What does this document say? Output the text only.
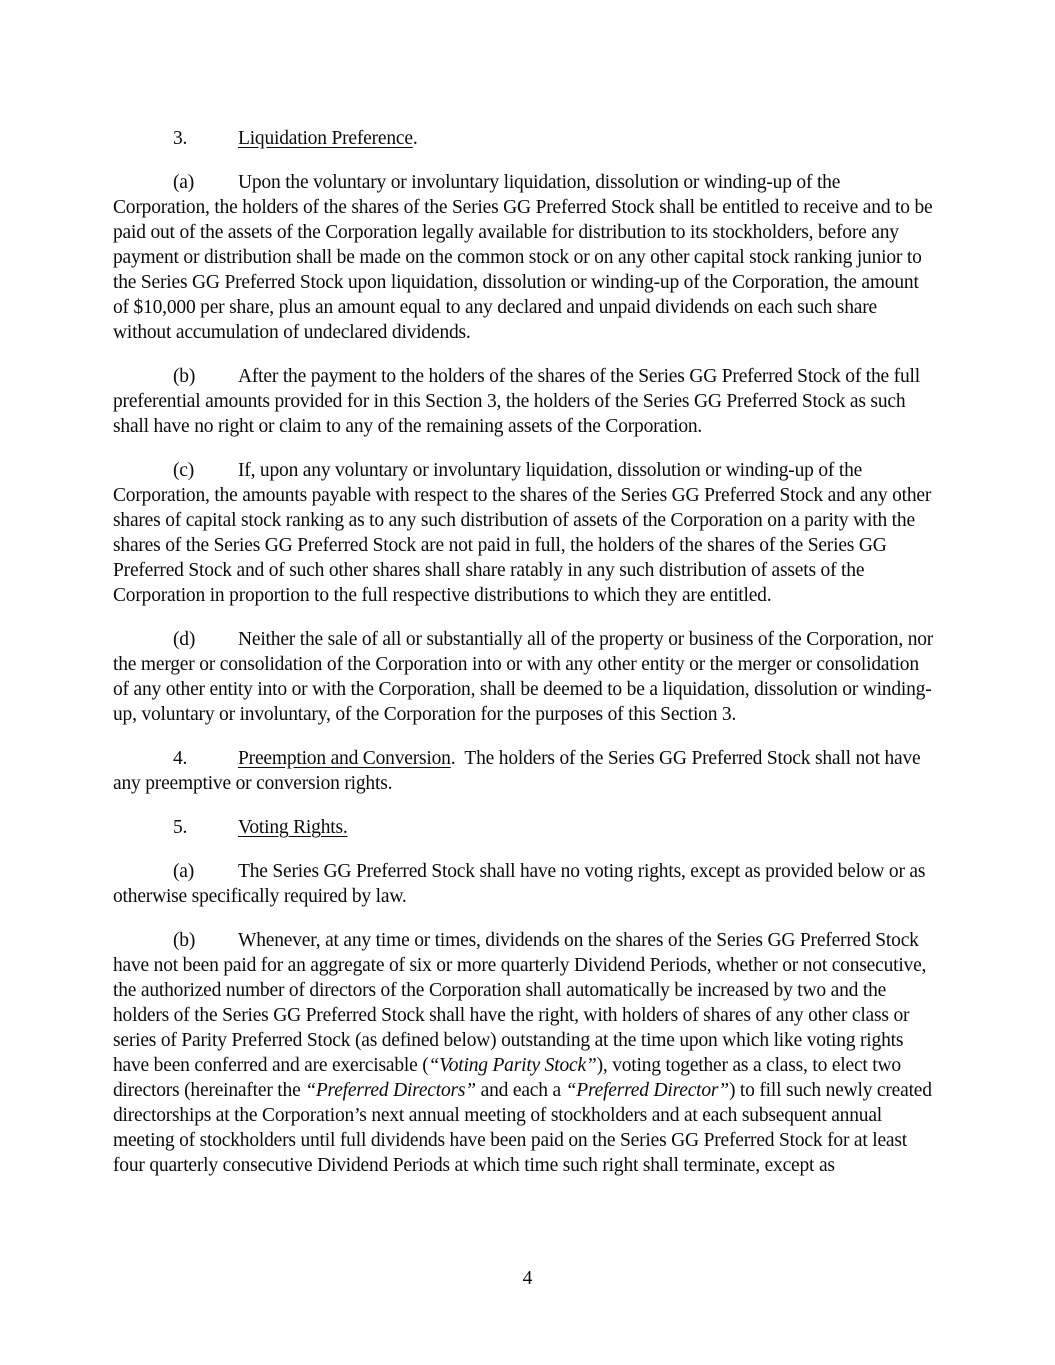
3.	Liquidation Preference.

(a) Upon the voluntary or involuntary liquidation, dissolution or winding-up of the Corporation, the holders of the shares of the Series GG Preferred Stock shall be entitled to receive and to be paid out of the assets of the Corporation legally available for distribution to its stockholders, before any payment or distribution shall be made on the common stock or on any other capital stock ranking junior to the Series GG Preferred Stock upon liquidation, dissolution or winding-up of the Corporation, the amount of $10,000 per share, plus an amount equal to any declared and unpaid dividends on each such share without accumulation of undeclared dividends.

(b) After the payment to the holders of the shares of the Series GG Preferred Stock of the full preferential amounts provided for in this Section 3, the holders of the Series GG Preferred Stock as such shall have no right or claim to any of the remaining assets of the Corporation.

(c) If, upon any voluntary or involuntary liquidation, dissolution or winding-up of the Corporation, the amounts payable with respect to the shares of the Series GG Preferred Stock and any other shares of capital stock ranking as to any such distribution of assets of the Corporation on a parity with the shares of the Series GG Preferred Stock are not paid in full, the holders of the shares of the Series GG Preferred Stock and of such other shares shall share ratably in any such distribution of assets of the Corporation in proportion to the full respective distributions to which they are entitled.

(d) Neither the sale of all or substantially all of the property or business of the Corporation, nor the merger or consolidation of the Corporation into or with any other entity or the merger or consolidation of any other entity into or with the Corporation, shall be deemed to be a liquidation, dissolution or winding-up, voluntary or involuntary, of the Corporation for the purposes of this Section 3.

4.	Preemption and Conversion.  The holders of the Series GG Preferred Stock shall not have any preemptive or conversion rights.

5.	Voting Rights.

(a) The Series GG Preferred Stock shall have no voting rights, except as provided below or as otherwise specifically required by law.

(b) Whenever, at any time or times, dividends on the shares of the Series GG Preferred Stock have not been paid for an aggregate of six or more quarterly Dividend Periods, whether or not consecutive, the authorized number of directors of the Corporation shall automatically be increased by two and the holders of the Series GG Preferred Stock shall have the right, with holders of shares of any other class or series of Parity Preferred Stock (as defined below) outstanding at the time upon which like voting rights have been conferred and are exercisable (“Voting Parity Stock”), voting together as a class, to elect two directors (hereinafter the “Preferred Directors” and each a “Preferred Director”) to fill such newly created directorships at the Corporation’s next annual meeting of stockholders and at each subsequent annual meeting of stockholders until full dividends have been paid on the Series GG Preferred Stock for at least four quarterly consecutive Dividend Periods at which time such right shall terminate, except as

4
